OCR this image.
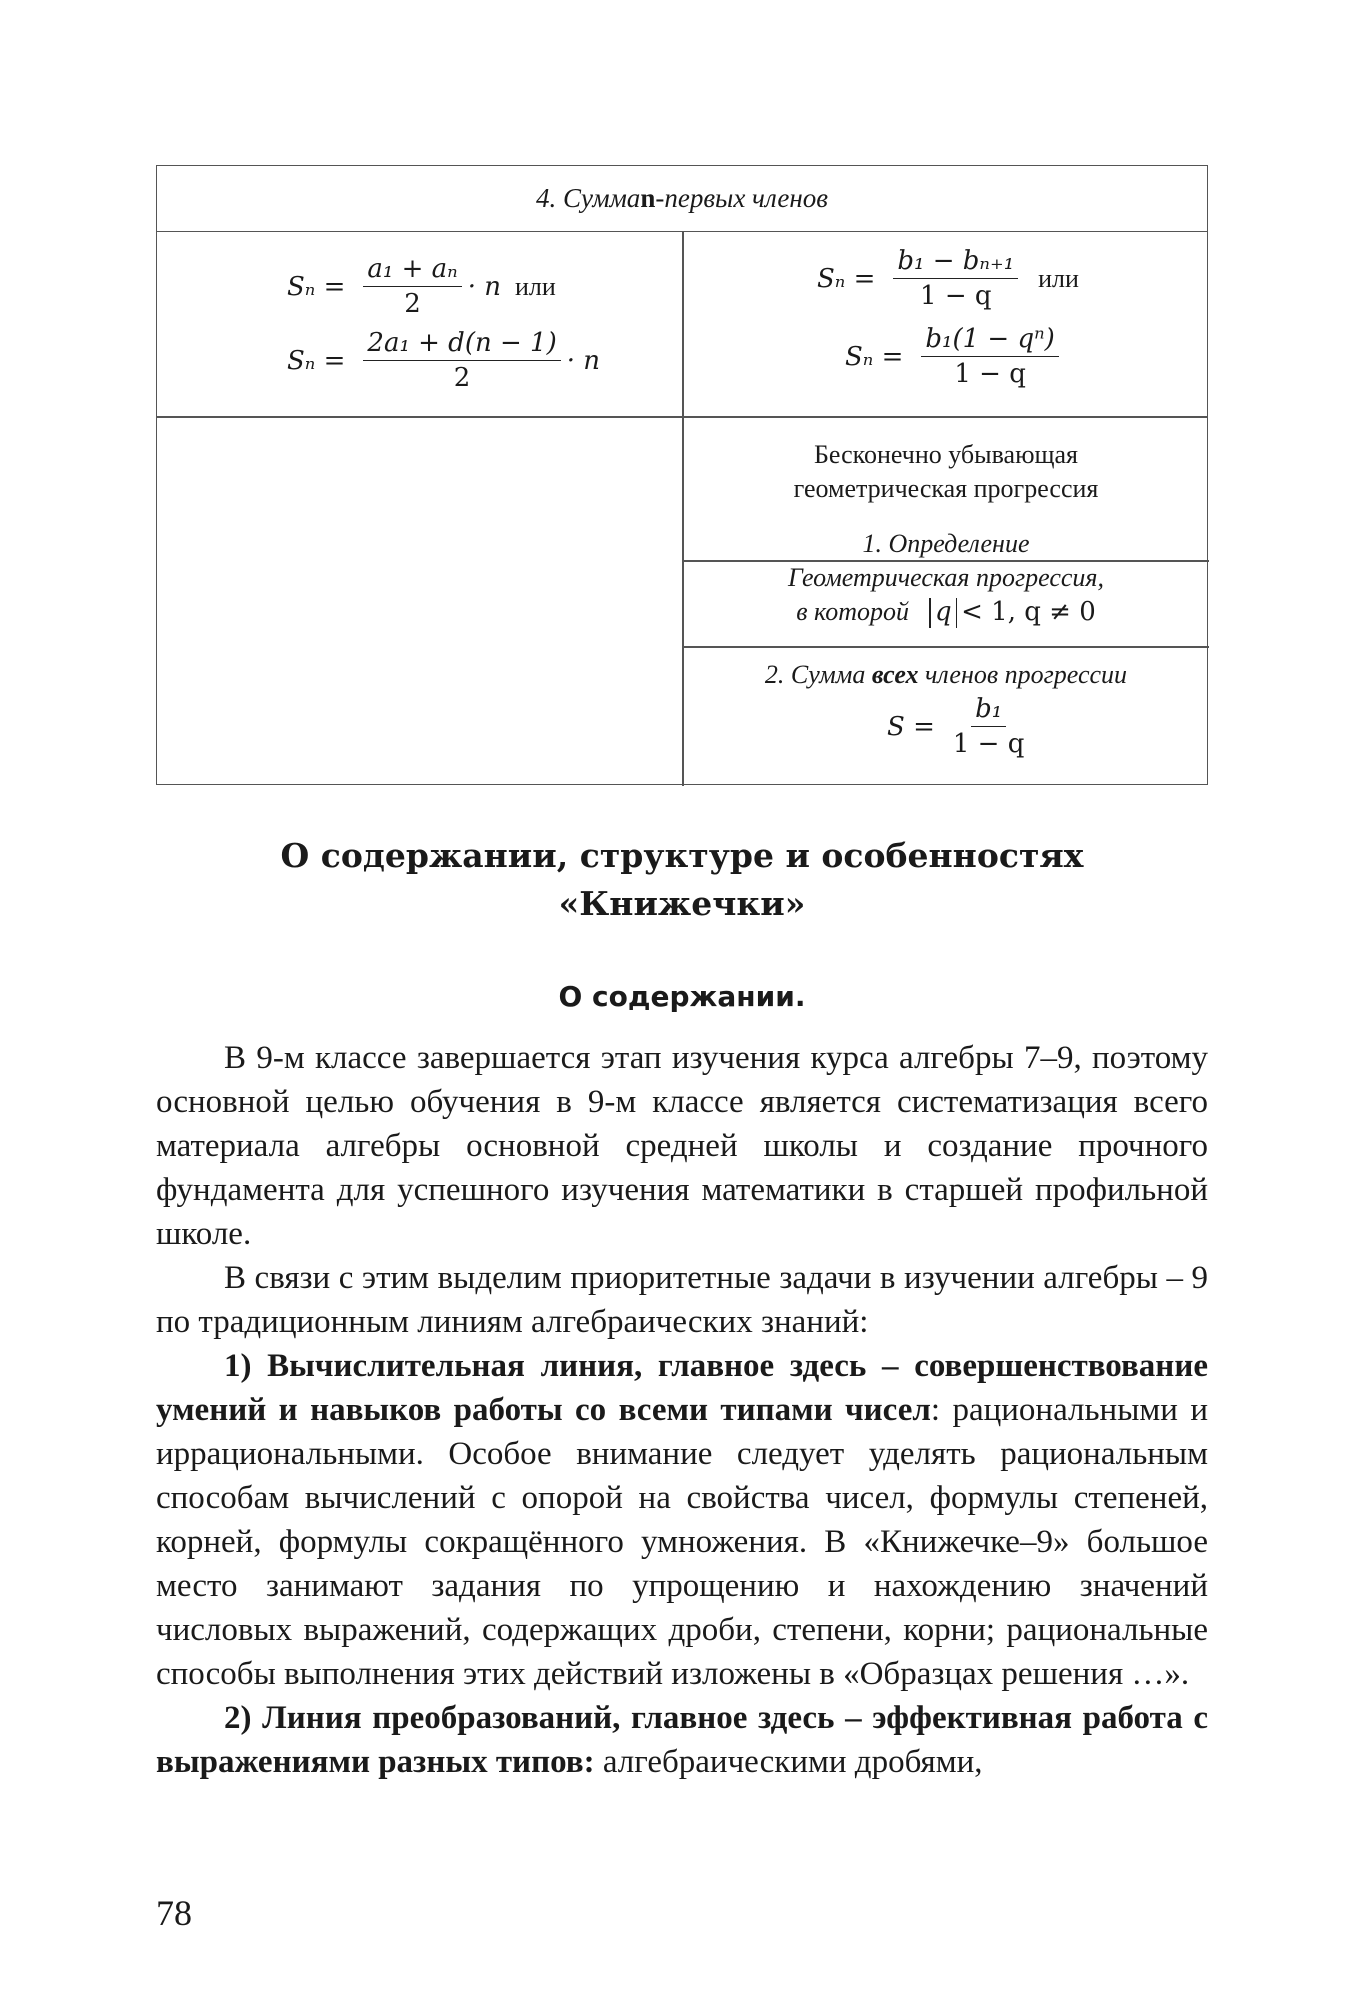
4. Сумма n -первых членов
$S_n = \frac{\text{a₁ + aₙ}}{2} \cdot n$ или
$S_n = \frac{\text{2a₁ + d(n − 1)}}{2} \cdot n$
$S_n = \frac{\text{b₁ − bₙ₊₁}}{1 - q}$ или
$S_n = \frac{\text{b₁(1 − qⁿ)}}{1 - q}$
Бесконечно убывающая
геометрическая прогрессия
1. Определение
Геометрическая прогрессия,
в которой q < 1, q ≠ 0
2. Сумма всех членов прогрессии
$S = \frac{\text{b₁}}{1 - q}$
О содержании, структуре и особенностях
«Книжечки»
О содержании.

В 9-м классе завершается этап изучения курса алгебры 7–9, поэтому основной целью обучения в 9-м классе является систематизация всего материала алгебры основной средней школы и создание прочного фундамента для успешного изучения математики в старшей профильной школе.

В связи с этим выделим приоритетные задачи в изучении алгебры – 9 по традиционным линиям алгебраических знаний:

1) Вычислительная линия, главное здесь – совершенствование умений и навыков работы со всеми типами чисел: рациональными и иррациональными. Особое внимание следует уделять рациональным способам вычислений с опорой на свойства чисел, формулы степеней, корней, формулы сокращённого умножения. В «Книжечке–9» большое место занимают задания по упрощению и нахождению значений числовых выражений, содержащих дроби, степени, корни; рациональные способы выполнения этих действий изложены в «Образцах решения …».

2) Линия преобразований, главное здесь – эффективная работа с выражениями разных типов: алгебраическими дробями,

78
